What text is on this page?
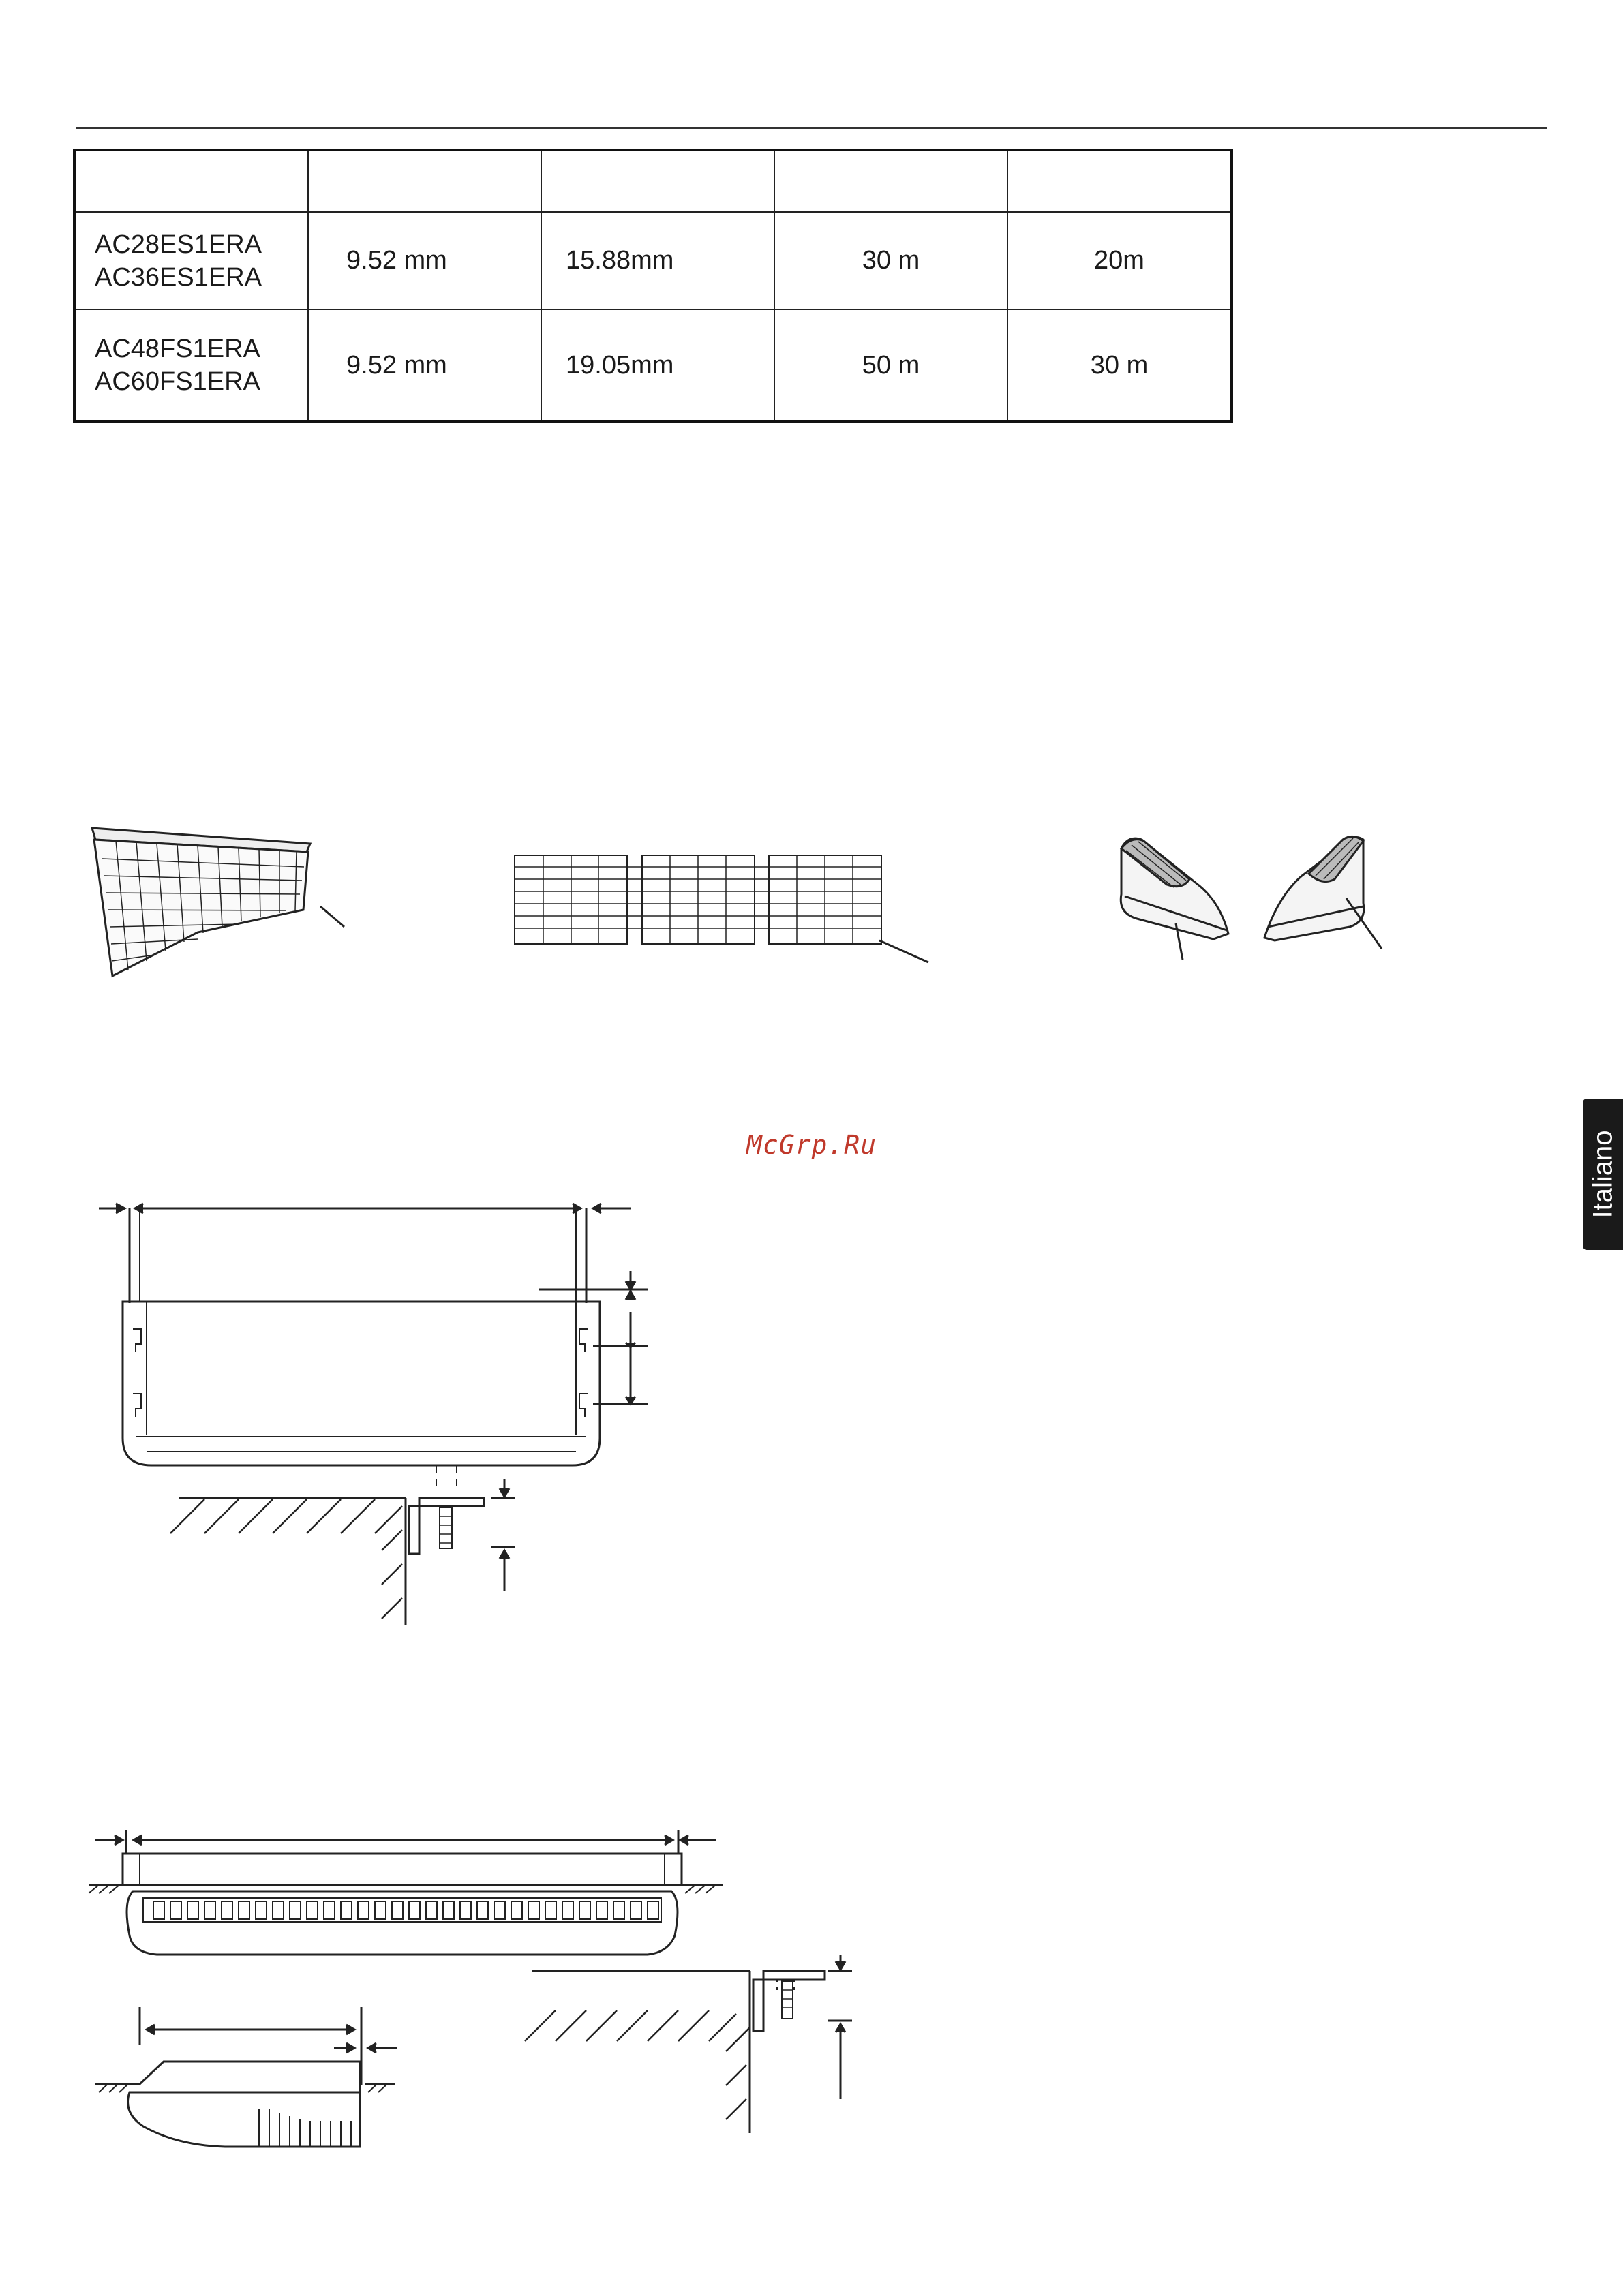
AC28ES1ERA
AC36ES1ERA	9.52 mm	15.88mm	30 m	20m

AC48FS1ERA
AC60FS1ERA	9.52 mm	19.05mm	50 m	30 m
McGrp.Ru	Italiano
